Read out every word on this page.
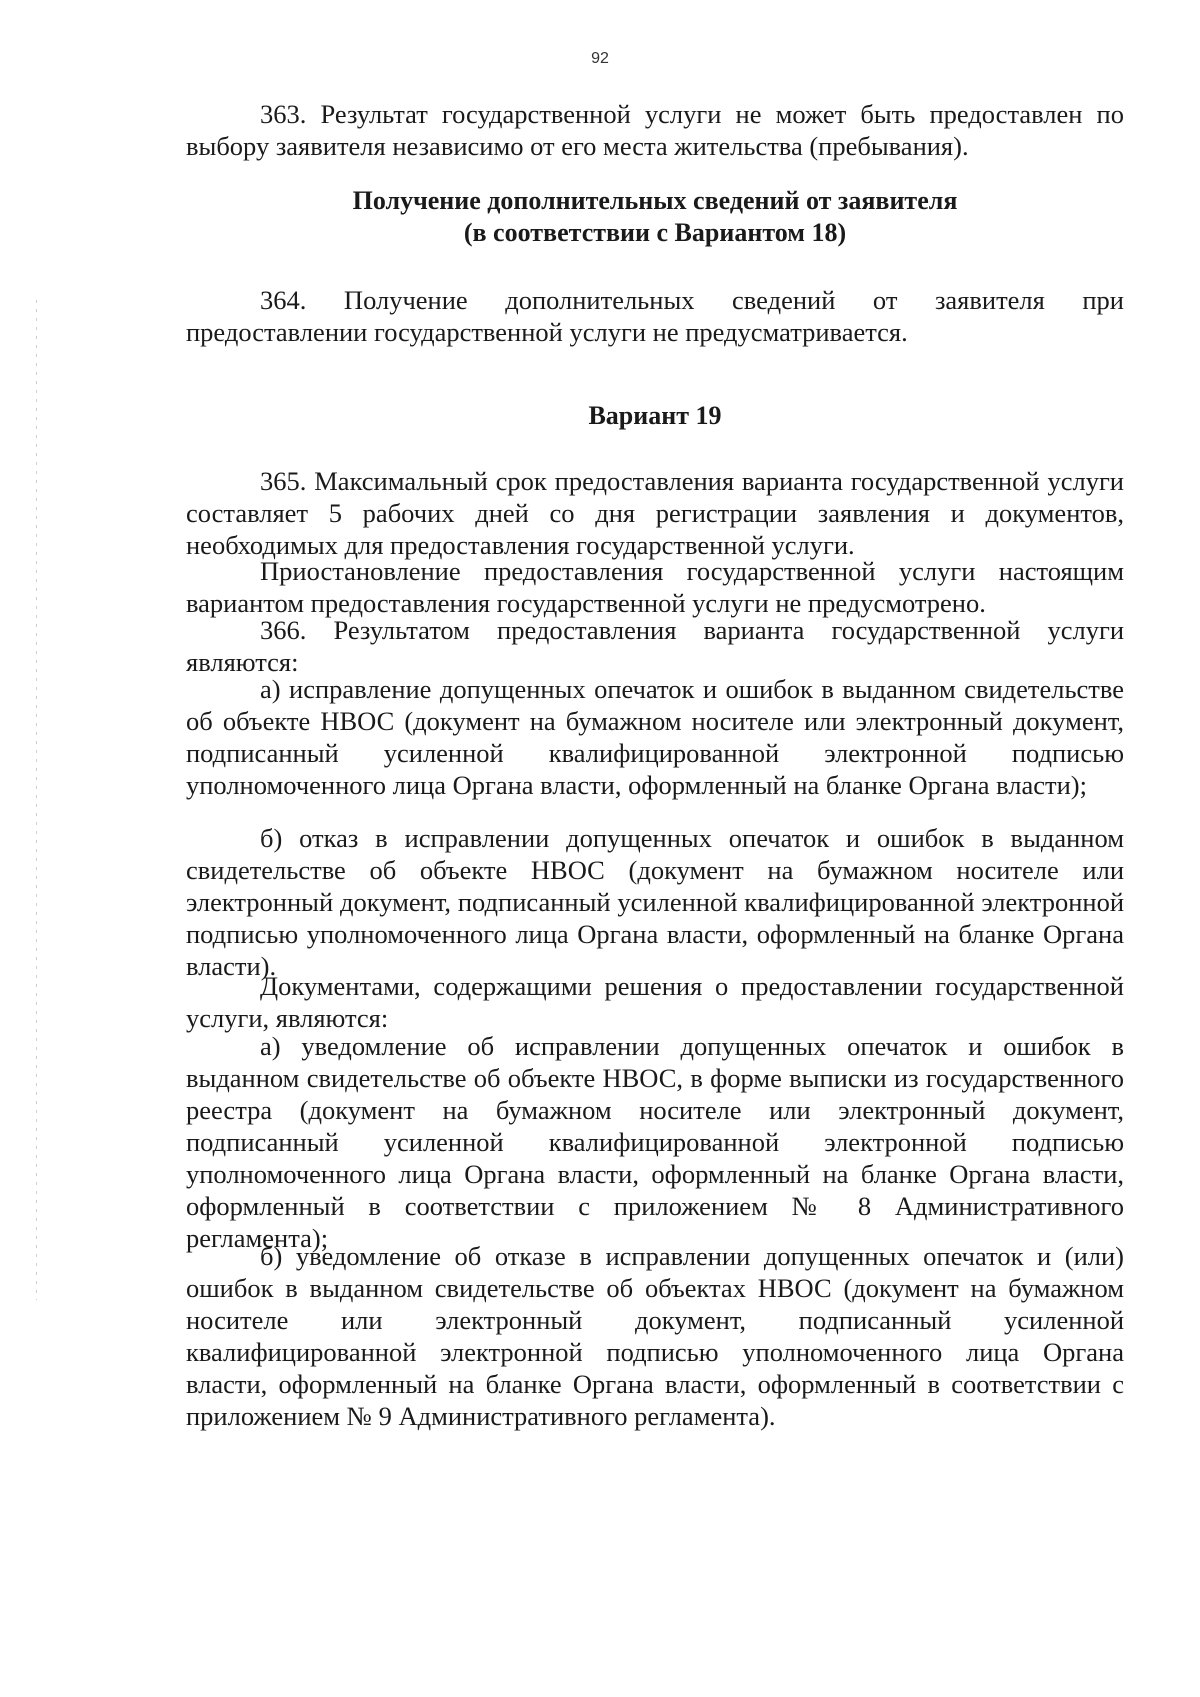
92

363. Результат государственной услуги не может быть предоставлен по выбору заявителя независимо от его места жительства (пребывания).

Получение дополнительных сведений от заявителя
(в соответствии с Вариантом 18)

364. Получение дополнительных сведений от заявителя при предоставлении государственной услуги не предусматривается.

Вариант 19

365. Максимальный срок предоставления варианта государственной услуги составляет 5 рабочих дней со дня регистрации заявления и документов, необходимых для предоставления государственной услуги.

Приостановление предоставления государственной услуги настоящим вариантом предоставления государственной услуги не предусмотрено.

366. Результатом предоставления варианта государственной услуги являются:

а) исправление допущенных опечаток и ошибок в выданном свидетельстве об объекте НВОС (документ на бумажном носителе или электронный документ, подписанный усиленной квалифицированной электронной подписью уполномоченного лица Органа власти, оформленный на бланке Органа власти);

б) отказ в исправлении допущенных опечаток и ошибок в выданном свидетельстве об объекте НВОС (документ на бумажном носителе или электронный документ, подписанный усиленной квалифицированной электронной подписью уполномоченного лица Органа власти, оформленный на бланке Органа власти).

Документами, содержащими решения о предоставлении государственной услуги, являются:

а) уведомление об исправлении допущенных опечаток и ошибок в выданном свидетельстве об объекте НВОС, в форме выписки из государственного реестра (документ на бумажном носителе или электронный документ, подписанный усиленной квалифицированной электронной подписью уполномоченного лица Органа власти, оформленный на бланке Органа власти, оформленный в соответствии с приложением № 8 Административного регламента);

б) уведомление об отказе в исправлении допущенных опечаток и (или) ошибок в выданном свидетельстве об объектах НВОС (документ на бумажном носителе или электронный документ, подписанный усиленной квалифицированной электронной подписью уполномоченного лица Органа власти, оформленный на бланке Органа власти, оформленный в соответствии с приложением № 9 Административного регламента).
